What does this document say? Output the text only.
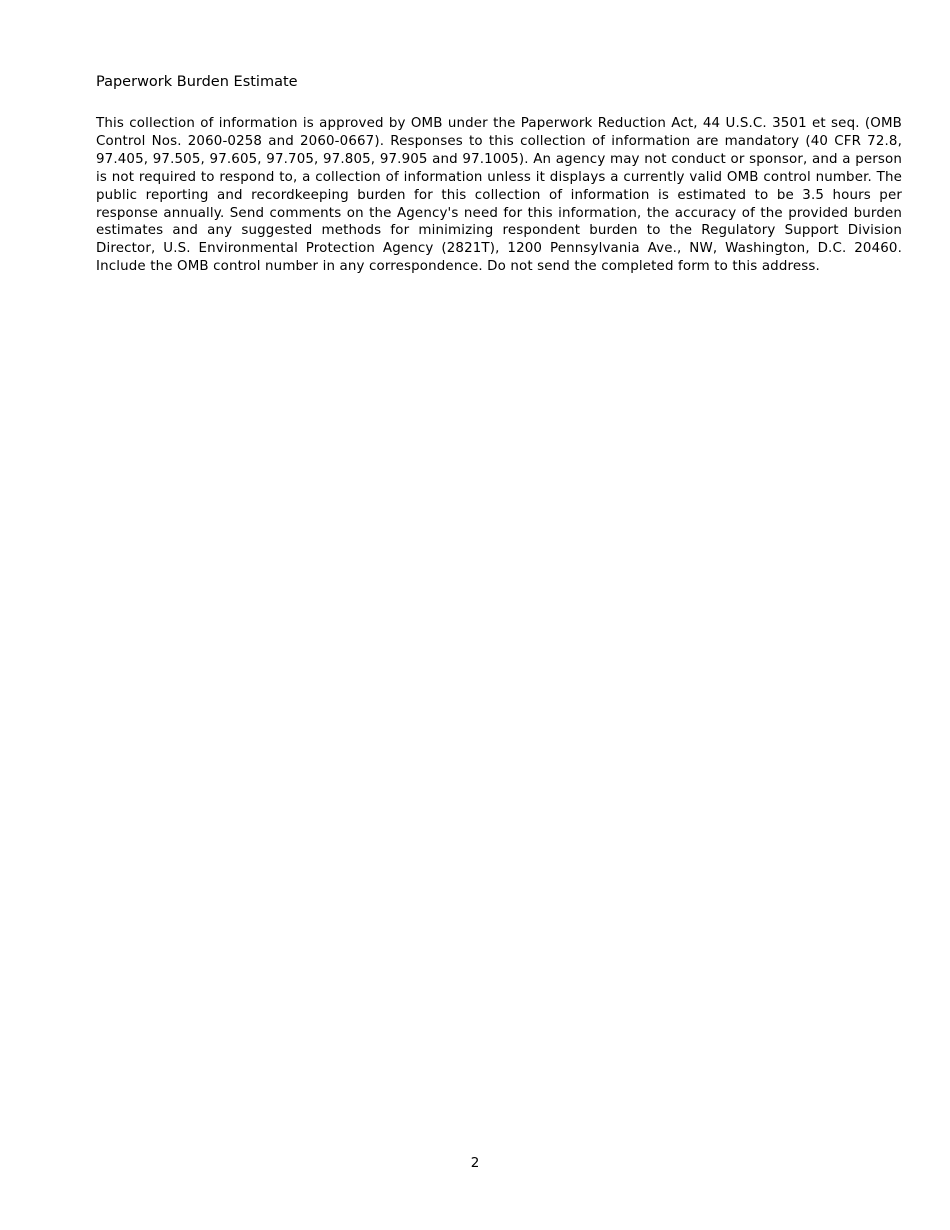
Paperwork Burden Estimate

This collection of information is approved by OMB under the Paperwork Reduction Act, 44 U.S.C. 3501 et seq. (OMB Control Nos. 2060-0258 and 2060-0667). Responses to this collection of information are mandatory (40 CFR 72.8, 97.405, 97.505, 97.605, 97.705, 97.805, 97.905 and 97.1005). An agency may not conduct or sponsor, and a person is not required to respond to, a collection of information unless it displays a currently valid OMB control number. The public reporting and recordkeeping burden for this collection of information is estimated to be 3.5 hours per response annually. Send comments on the Agency's need for this information, the accuracy of the provided burden estimates and any suggested methods for minimizing respondent burden to the Regulatory Support Division Director, U.S. Environmental Protection Agency (2821T), 1200 Pennsylvania Ave., NW, Washington, D.C. 20460. Include the OMB control number in any correspondence. Do not send the completed form to this address.

2
